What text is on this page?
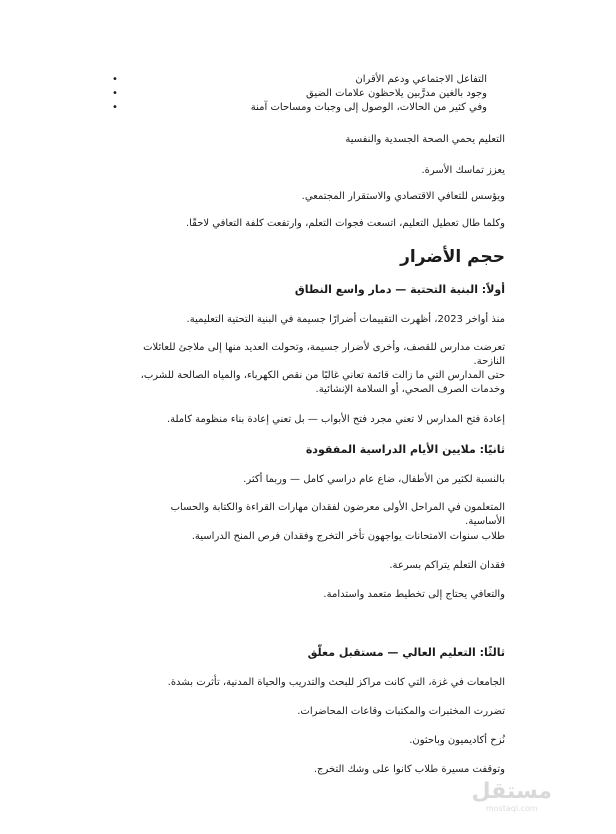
• التفاعل الاجتماعي ودعم الأقران
• وجود بالغين مدرَّبين يلاحظون علامات الضيق
• وفي كثير من الحالات، الوصول إلى وجبات ومساحات آمنة

التعليم يحمي الصحة الجسدية والنفسية

يعزز تماسك الأسرة.

ويؤسس للتعافي الاقتصادي والاستقرار المجتمعي.

وكلما طال تعطيل التعليم، اتسعت فجوات التعلم، وارتفعت كلفة التعافي لاحقًا.

حجم الأضرار
أولاً: البنية التحتية — دمار واسع النطاق

منذ أواخر 2023، أظهرت التقييمات أضرارًا جسيمة في البنية التحتية التعليمية.

تعرضت مدارس للقصف، وأخرى لأضرار جسيمة، وتحولت العديد منها إلى ملاجئ للعائلات النازحة.

حتى المدارس التي ما زالت قائمة تعاني غالبًا من نقص الكهرباء، والمياه الصالحة للشرب، وخدمات الصرف الصحي، أو السلامة الإنشائية.

إعادة فتح المدارس لا تعني مجرد فتح الأبواب — بل تعني إعادة بناء منظومة كاملة.

ثانيًا: ملايين الأيام الدراسية المفقودة

بالنسبة لكثير من الأطفال، ضاع عام دراسي كامل — وربما أكثر.

المتعلمون في المراحل الأولى معرضون لفقدان مهارات القراءة والكتابة والحساب الأساسية.

طلاب سنوات الامتحانات يواجهون تأخر التخرج وفقدان فرص المنح الدراسية.

فقدان التعلم يتراكم بسرعة.

والتعافي يحتاج إلى تخطيط متعمد واستدامة.

ثالثًا: التعليم العالي — مستقبل معلّق

الجامعات في غزة، التي كانت مراكز للبحث والتدريب والحياة المدنية، تأثرت بشدة.

تضررت المختبرات والمكتبات وقاعات المحاضرات.

نُزح أكاديميون وباحثون.

وتوقفت مسيرة طلاب كانوا على وشك التخرج.

مستقل
mostaql.com
